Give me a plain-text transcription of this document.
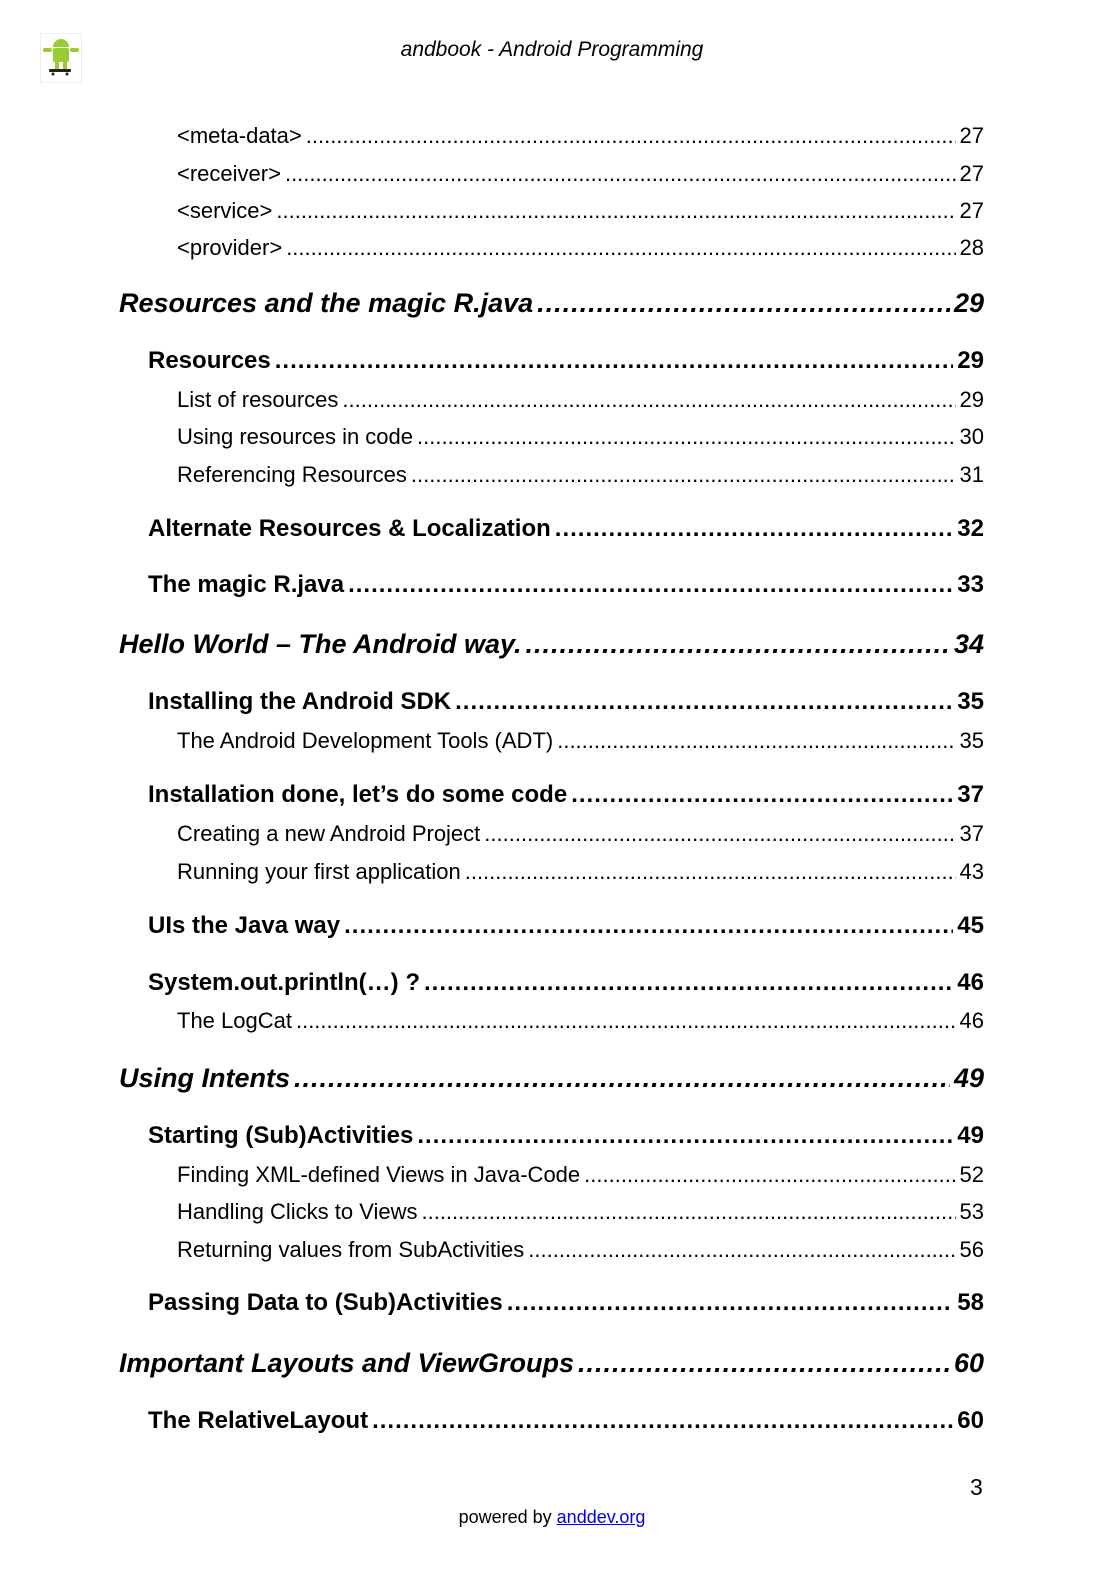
andbook - Android Programming
<meta-data> .....	27
<receiver> .....	27
<service> .....	27
<provider> .....	28
Resources and the magic R.java .....	29
Resources .....	29
List of resources .....	29
Using resources in code .....	30
Referencing Resources .....	31
Alternate Resources & Localization .....	32
The magic R.java .....	33
Hello World – The Android way. .....	34
Installing the Android SDK .....	35
The Android Development Tools (ADT) .....	35
Installation done, let’s do some code .....	37
Creating a new Android Project .....	37
Running your first application .....	43
UIs the Java way .....	45
System.out.println(…) ? .....	46
The LogCat .....	46
Using Intents .....	49
Starting (Sub)Activities .....	49
Finding XML-defined Views in Java-Code .....	52
Handling Clicks to Views .....	53
Returning values from SubActivities .....	56
Passing Data to (Sub)Activities .....	58
Important Layouts and ViewGroups .....	60
The RelativeLayout .....	60
3
powered by anddev.org
